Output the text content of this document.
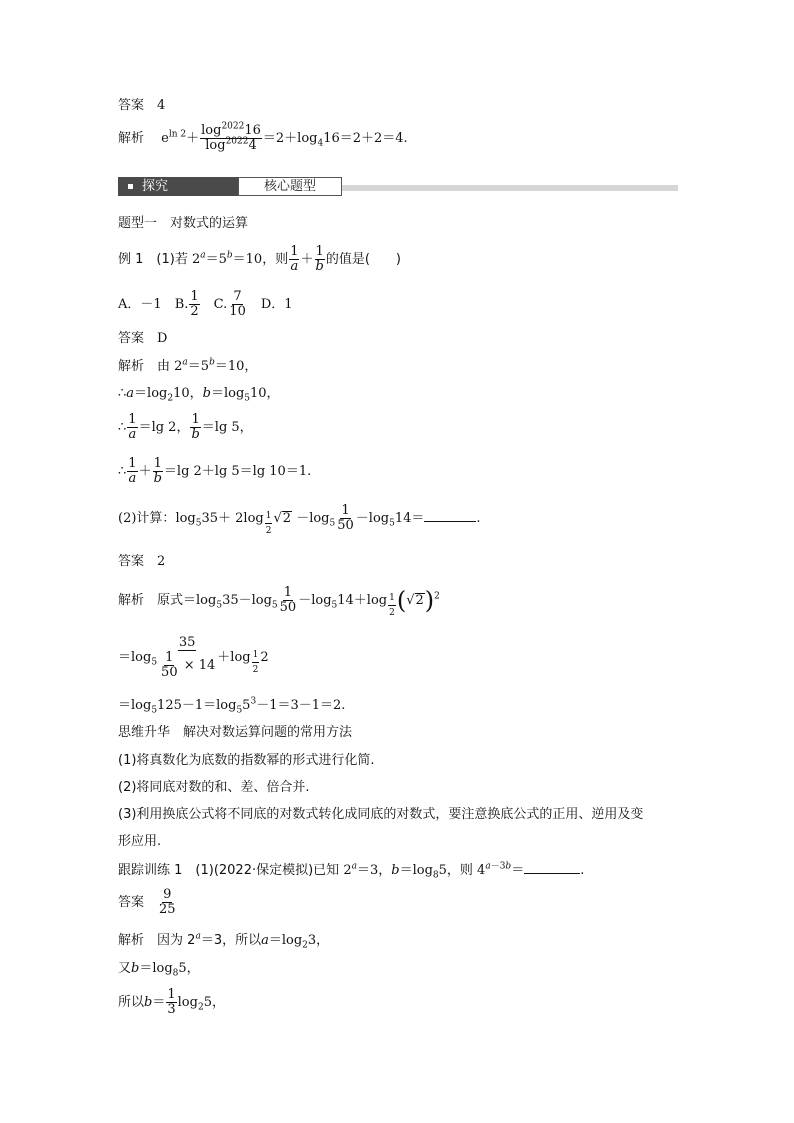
答案　 4
解析　 $e^{ln 2}+ \frac{\log^{2022}16}{\log^{2022}4} =2+\log_416=2+2=4$.
探究	核心题型
题型一　对数式的运算
例 1　(1)若 $2^a=5^b=10$，则 $\frac{1}{a} + \frac{1}{b}$ 的值是(　　)
A．－1　 B. $\frac{1}{2}$
　 C. $\frac{7}{10}$
　 D．1
答案　 D
解析　由 $2^a=5^b=10$，
$\therefore a=\log_210$，$b=\log_510$，
∴ $\frac{1}{a} =\lg$ 2， $\frac{1}{b} =\lg$ 5，
∴ $\frac{1}{a} + \frac{1}{b} =\lg$ 2＋lg 5＝lg 10＝1.
(2)计算：$\log_535+ 2\log$ $_{\frac{1}{2}}$ $√2 -\log_5 \frac{1}{50} -\log_514=$	.
答案　 2
解析　原式$=\log_535-\log_5 \frac{1}{50} -\log_514+\log$ $_{\frac{1}{2}}$ $(√2)^2$
$=\log_5 \frac{35}{\frac{1}{50} \times 14} +\log$ $_{\frac{1}{2}}$ 2
$=\log_5125-1=\log_55^3-1=3-1=2$.
思维升华　解决对数运算问题的常用方法
(1)将真数化为底数的指数幂的形式进行化简.
(2)将同底对数的和、差、倍合并.
(3)利用换底公式将不同底的对数式转化成同底的对数式，要注意换底公式的正用、逆用及变
形应用.
跟踪训练 1　(1)(2022·保定模拟)已知 $2^a=3$，$b=\log_85$，则 $4^{a-3b}=$	.
答案　 $\frac{9}{25}$
解析　 因为 $2^a=3$，所以$a=\log_23$，
又$b=\log_85$，
所以$b= \frac{1}{3} \log_25$，
